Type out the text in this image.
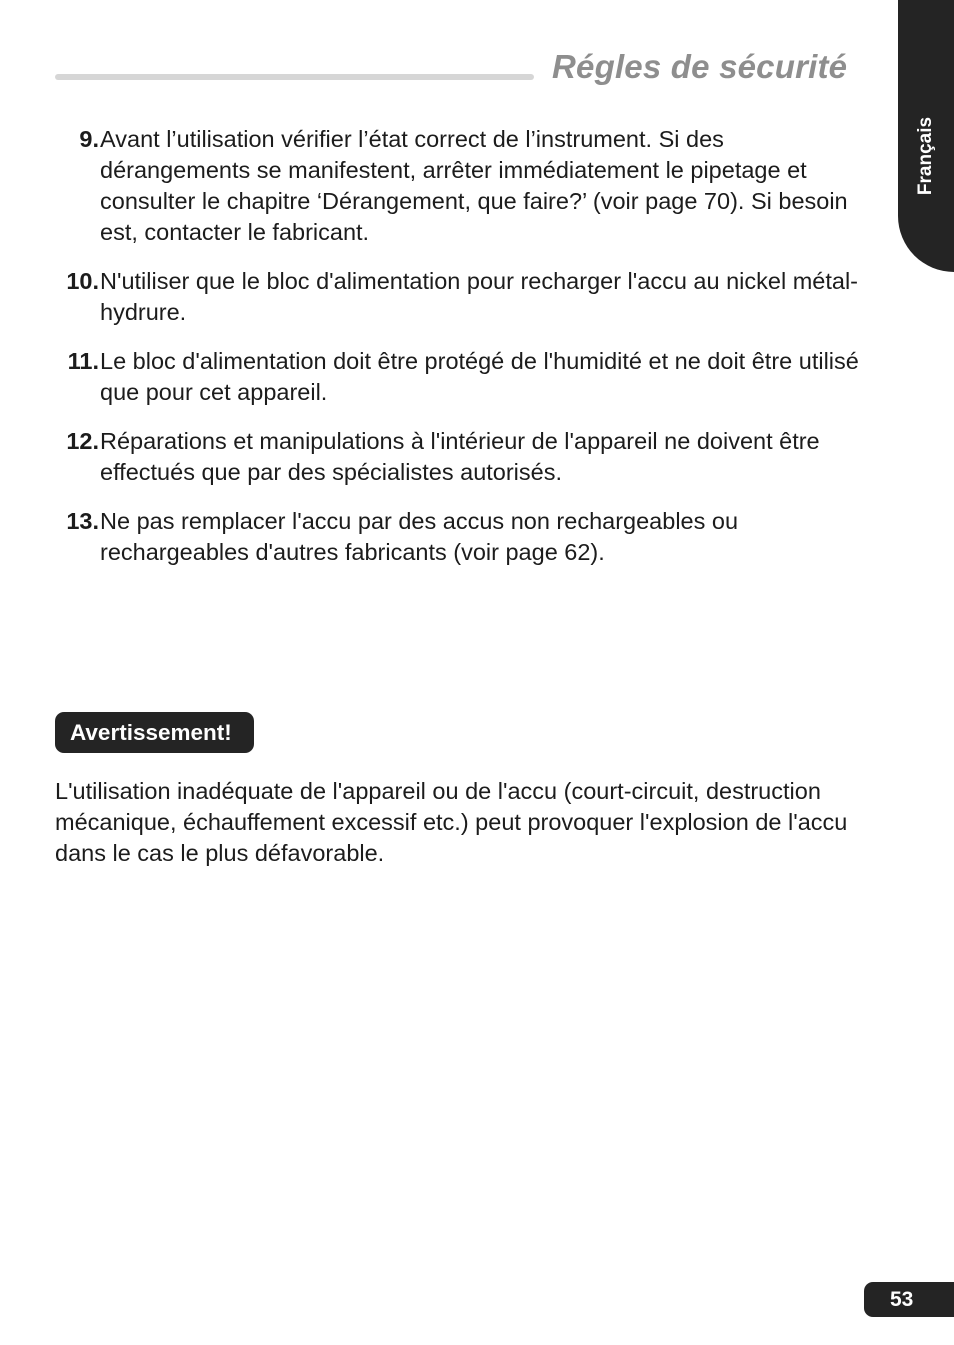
Régles de sécurité
Français
9. Avant l’utilisation vérifier l’état correct de l’instrument. Si des dérangements se manifestent, arrêter immédiatement le pipetage et consulter le chapitre ‘Dérangement, que faire?’ (voir page 70). Si besoin est, contacter le fabricant.
10. N'utiliser que le bloc d'alimentation pour recharger l'accu au nickel métal-hydrure.
11. Le bloc d'alimentation doit être protégé de l'humidité et ne doit être utilisé que pour cet appareil.
12. Réparations et manipulations à l'intérieur de l'appareil ne doivent être effectués que par des spécialistes autorisés.
13. Ne pas remplacer l'accu par des accus non rechargeables ou rechargeables d'autres fabricants (voir page 62).
Avertissement!

L'utilisation inadéquate de l'appareil ou de l'accu (court-circuit, destruction mécanique, échauffement excessif etc.) peut provoquer l'explosion de l'accu dans le cas le plus défavorable.

53
